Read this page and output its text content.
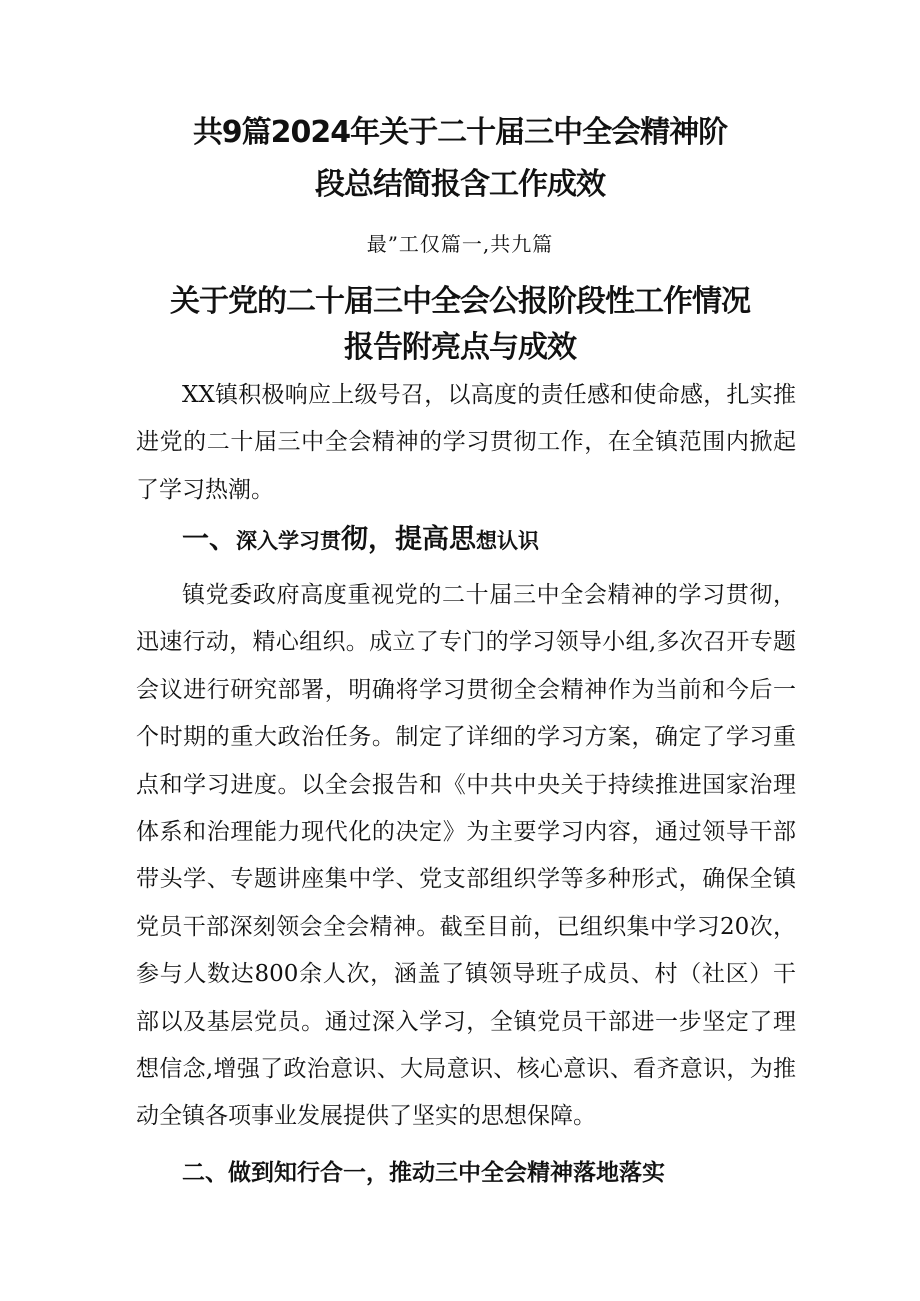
共9篇2024年关于二十届三中全会精神阶
段总结简报含工作成效
最”工仅篇一,共九篇
关于党的二十届三中全会公报阶段性工作情况
报告附亮点与成效

XX镇积极响应上级号召，以高度的责任感和使命感，扎实推进党的二十届三中全会精神的学习贯彻工作，在全镇范围内掀起了学习热潮。

一、深入学习贯彻，提高思想认识

镇党委政府高度重视党的二十届三中全会精神的学习贯彻，迅速行动，精心组织。成立了专门的学习领导小组,多次召开专题会议进行研究部署，明确将学习贯彻全会精神作为当前和今后一个时期的重大政治任务。制定了详细的学习方案，确定了学习重点和学习进度。以全会报告和《中共中央关于持续推进国家治理体系和治理能力现代化的决定》为主要学习内容，通过领导干部带头学、专题讲座集中学、党支部组织学等多种形式，确保全镇党员干部深刻领会全会精神。截至目前，已组织集中学习20次，参与人数达800余人次，涵盖了镇领导班子成员、村（社区）干部以及基层党员。通过深入学习，全镇党员干部进一步坚定了理想信念,增强了政治意识、大局意识、核心意识、看齐意识，为推动全镇各项事业发展提供了坚实的思想保障。

二、做到知行合一，推动三中全会精神落地落实
